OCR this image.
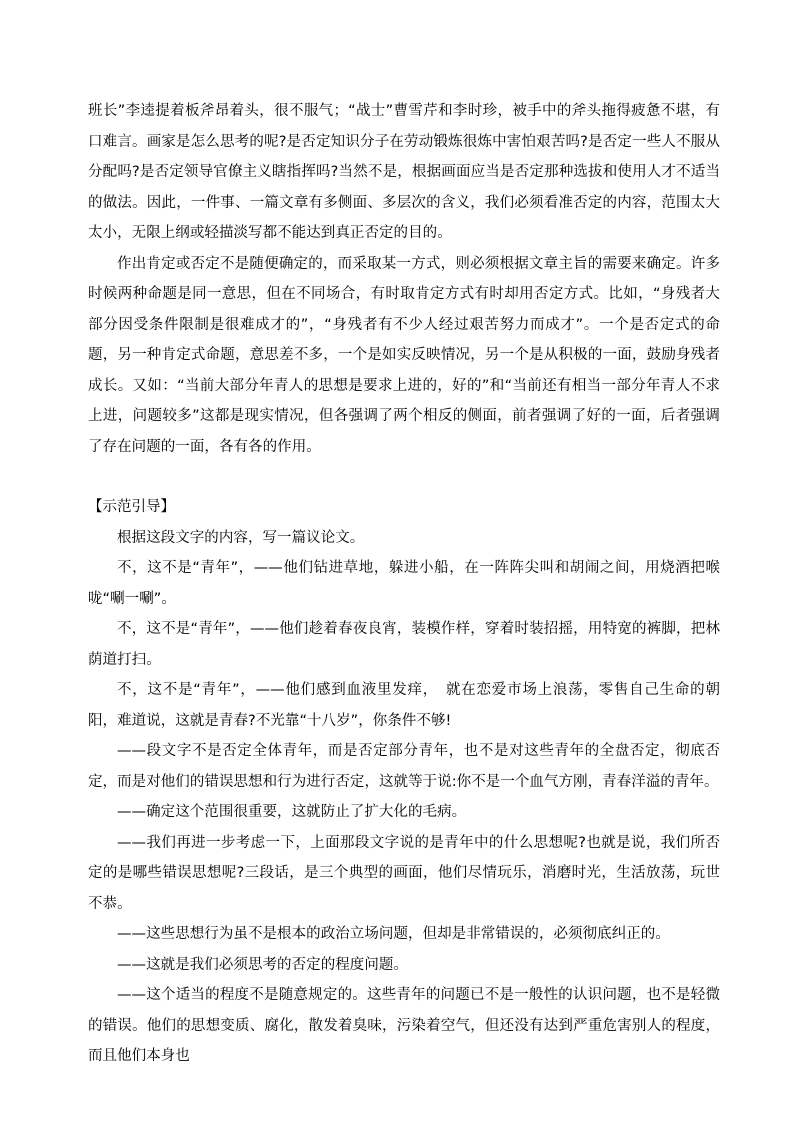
班长”李逵提着板斧昂着头，很不服气；“战士”曹雪芹和李时珍，被手中的斧头拖得疲惫不堪，有口难言。画家是怎么思考的呢?是否定知识分子在劳动锻炼很炼中害怕艰苦吗?是否定一些人不服从分配吗?是否定领导官僚主义瞎指挥吗?当然不是，根据画面应当是否定那种选拔和使用人才不适当的做法。因此，一件事、一篇文章有多侧面、多层次的含义，我们必须看准否定的内容，范围太大太小，无限上纲或轻描淡写都不能达到真正否定的目的。

作出肯定或否定不是随便确定的，而采取某一方式，则必须根据文章主旨的需要来确定。许多时候两种命题是同一意思，但在不同场合，有时取肯定方式有时却用否定方式。比如，“身残者大部分因受条件限制是很难成才的”，“身残者有不少人经过艰苦努力而成才”。一个是否定式的命题，另一种肯定式命题，意思差不多，一个是如实反映情况，另一个是从积极的一面，鼓励身残者成长。又如：“当前大部分年青人的思想是要求上进的，好的”和“当前还有相当一部分年青人不求上进，问题较多”这都是现实情况，但各强调了两个相反的侧面，前者强调了好的一面，后者强调了存在问题的一面，各有各的作用。

【示范引导】

根据这段文字的内容，写一篇议论文。

不，这不是“青年”，——他们钻进草地，躲进小船，在一阵阵尖叫和胡闹之间，用烧酒把喉咙“唰一唰”。

不，这不是“青年”，——他们趁着春夜良宵，装模作样，穿着时装招摇，用特宽的裤脚，把林荫道打扫。

不，这不是“青年”，——他们感到血液里发痒，　就在恋爱市场上浪荡，零售自己生命的朝阳，难道说，这就是青春?不光靠“十八岁”，你条件不够!

——段文字不是否定全体青年，而是否定部分青年，也不是对这些青年的全盘否定，彻底否定，而是对他们的错误思想和行为进行否定，这就等于说:你不是一个血气方刚，青春洋溢的青年。

——确定这个范围很重要，这就防止了扩大化的毛病。

——我们再进一步考虑一下，上面那段文字说的是青年中的什么思想呢?也就是说，我们所否定的是哪些错误思想呢?三段话，是三个典型的画面，他们尽情玩乐，消磨时光，生活放荡，玩世不恭。

——这些思想行为虽不是根本的政治立场问题，但却是非常错误的，必须彻底纠正的。

——这就是我们必须思考的否定的程度问题。

——这个适当的程度不是随意规定的。这些青年的问题已不是一般性的认识问题，也不是轻微的错误。他们的思想变质、腐化，散发着臭味，污染着空气，但还没有达到严重危害别人的程度，而且他们本身也
